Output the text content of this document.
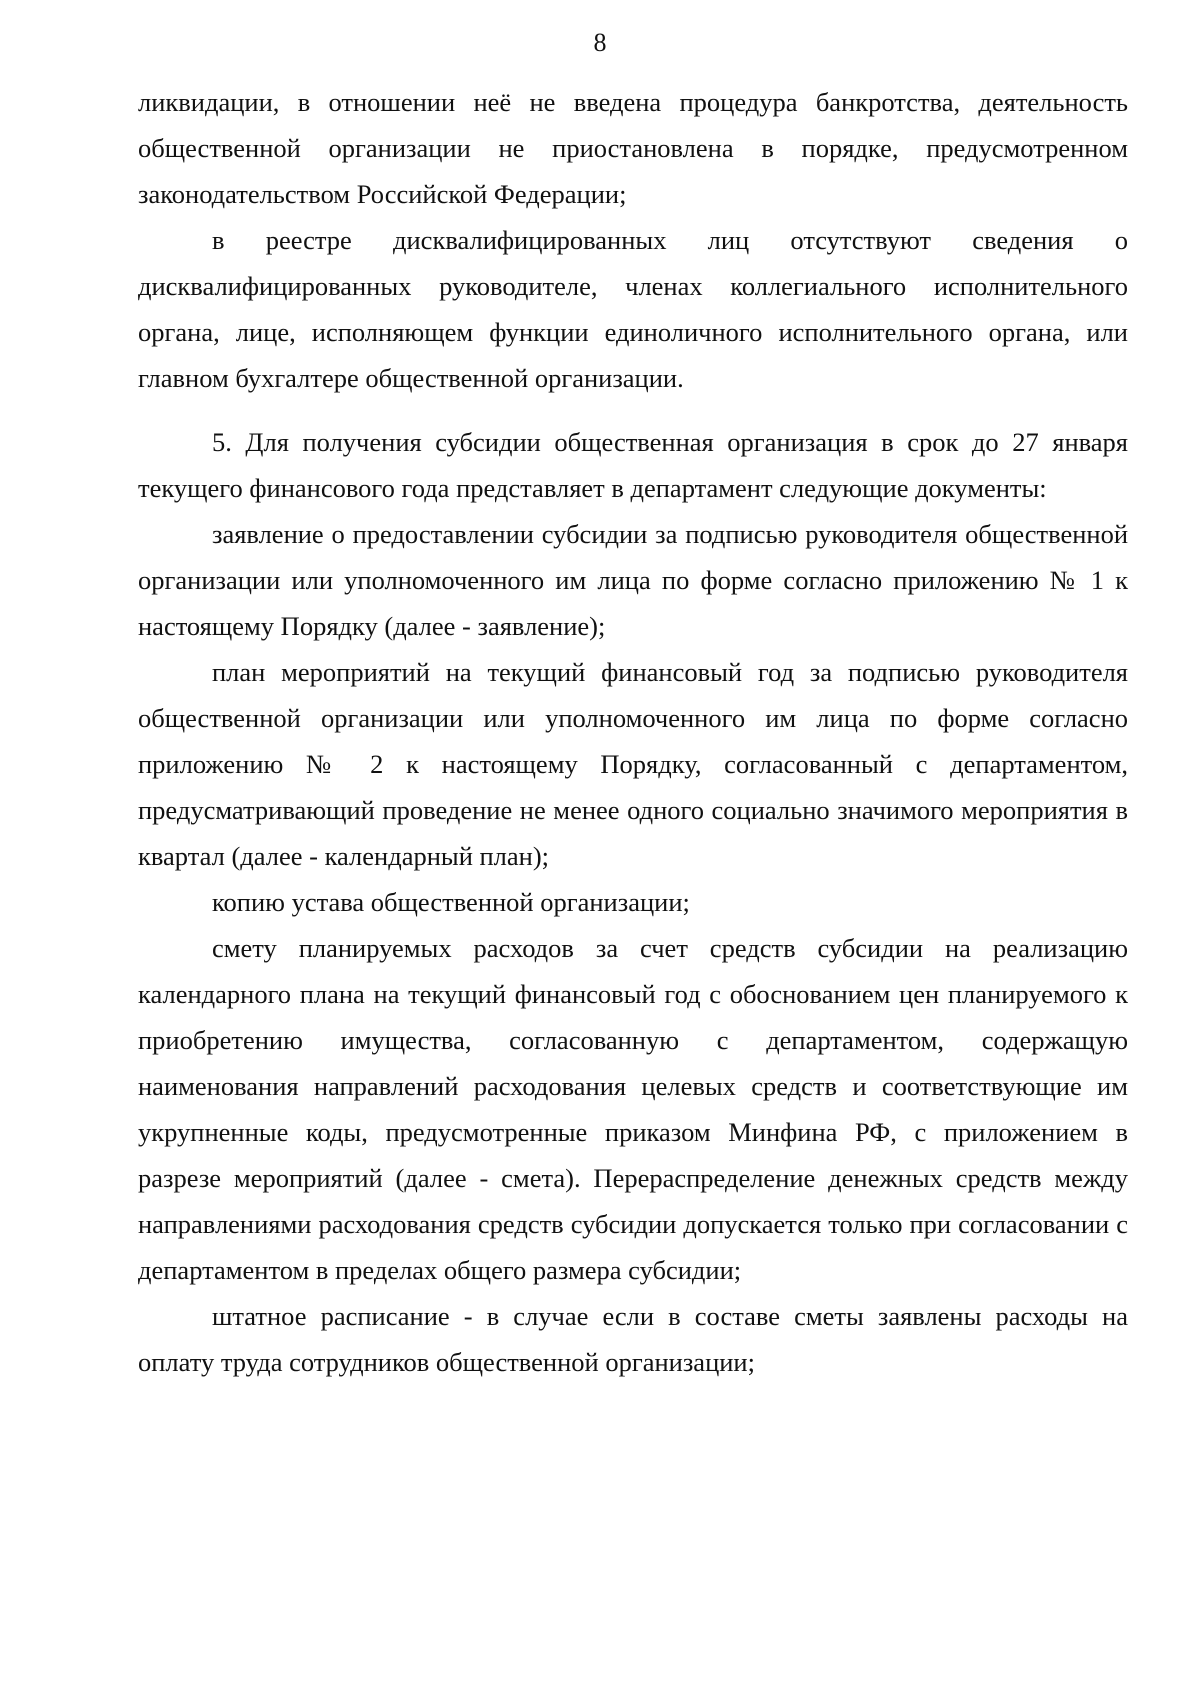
8

ликвидации, в отношении неё не введена процедура банкротства, деятельность общественной организации не приостановлена в порядке, предусмотренном законодательством Российской Федерации;

в реестре дисквалифицированных лиц отсутствуют сведения о дисквалифицированных руководителе, членах коллегиального исполнительного органа, лице, исполняющем функции единоличного исполнительного органа, или главном бухгалтере общественной организации.

5. Для получения субсидии общественная организация в срок до 27 января текущего финансового года представляет в департамент следующие документы:

заявление о предоставлении субсидии за подписью руководителя общественной организации или уполномоченного им лица по форме согласно приложению № 1 к настоящему Порядку (далее - заявление);

план мероприятий на текущий финансовый год за подписью руководителя общественной организации или уполномоченного им лица по форме согласно приложению № 2 к настоящему Порядку, согласованный с департаментом, предусматривающий проведение не менее одного социально значимого мероприятия в квартал (далее - календарный план);

копию устава общественной организации;

смету планируемых расходов за счет средств субсидии на реализацию календарного плана на текущий финансовый год с обоснованием цен планируемого к приобретению имущества, согласованную с департаментом, содержащую наименования направлений расходования целевых средств и соответствующие им укрупненные коды, предусмотренные приказом Минфина РФ, с приложением в разрезе мероприятий (далее - смета). Перераспределение денежных средств между направлениями расходования средств субсидии допускается только при согласовании с департаментом в пределах общего размера субсидии;

штатное расписание - в случае если в составе сметы заявлены расходы на оплату труда сотрудников общественной организации;
